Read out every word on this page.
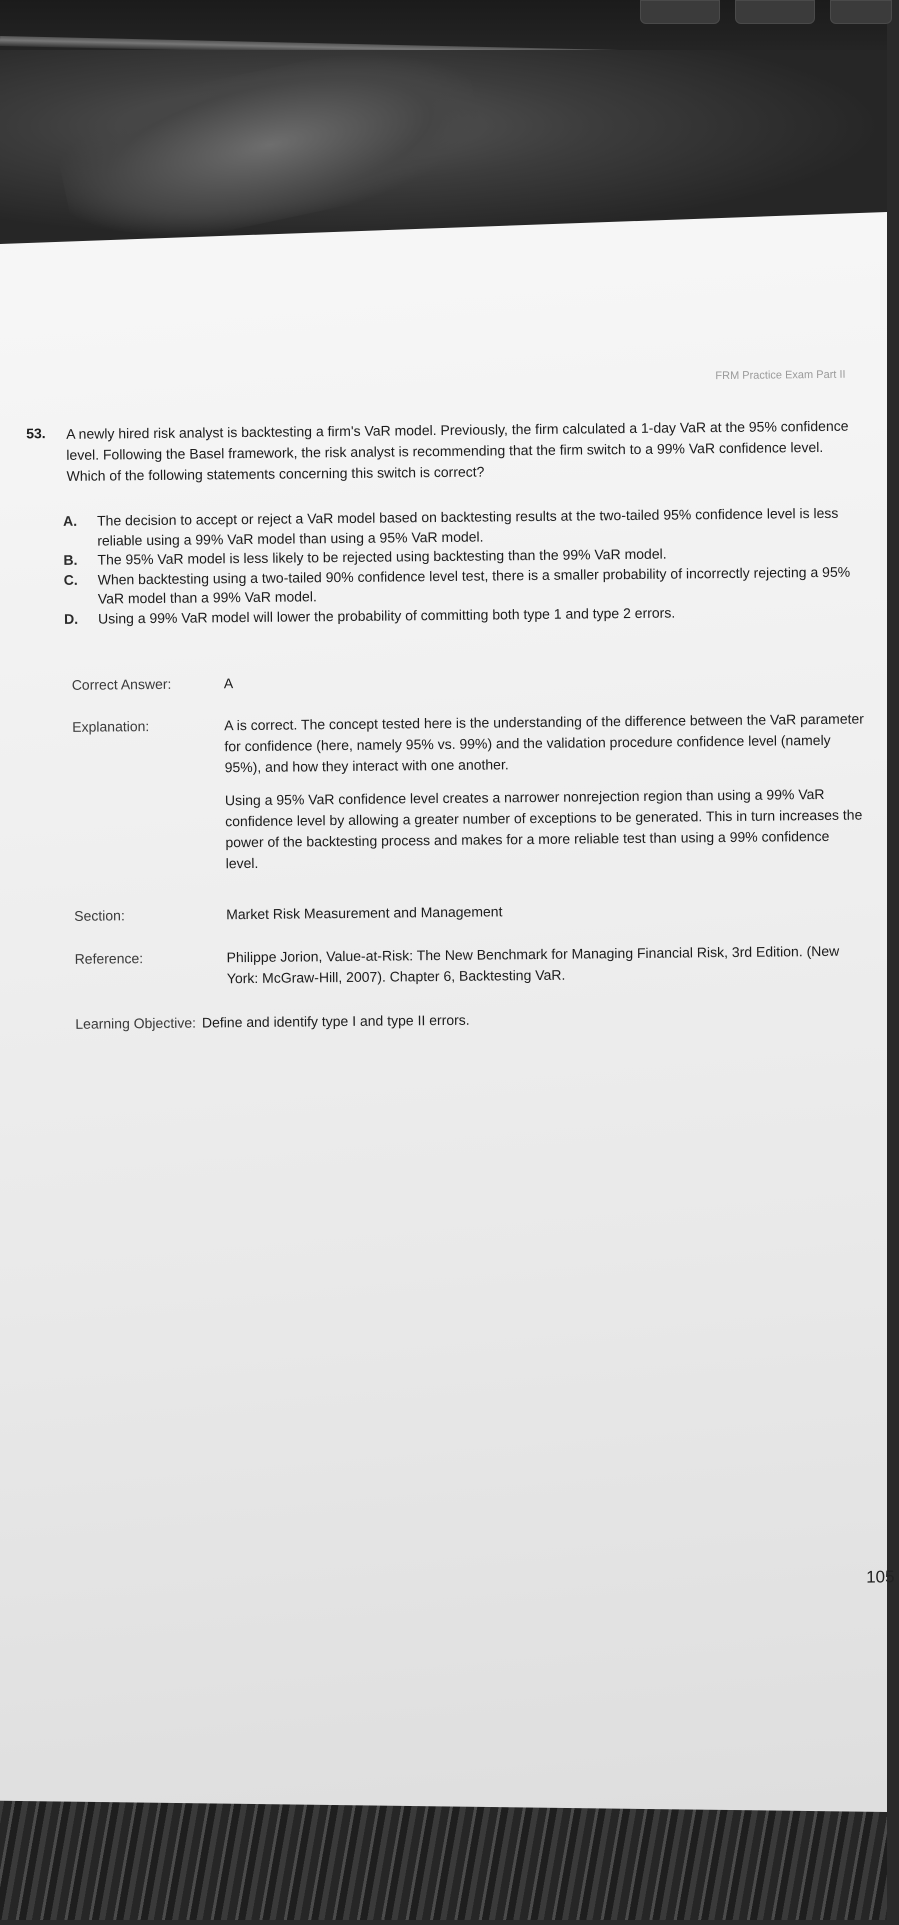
FRM Practice Exam Part II
53. A newly hired risk analyst is backtesting a firm's VaR model. Previously, the firm calculated a 1-day VaR at the 95% confidence level. Following the Basel framework, the risk analyst is recommending that the firm switch to a 99% VaR confidence level. Which of the following statements concerning this switch is correct?
A.	The decision to accept or reject a VaR model based on backtesting results at the two-tailed 95% confidence level is less reliable using a 99% VaR model than using a 95% VaR model.
B.	The 95% VaR model is less likely to be rejected using backtesting than the 99% VaR model.
C.	When backtesting using a two-tailed 90% confidence level test, there is a smaller probability of incorrectly rejecting a 95% VaR model than a 99% VaR model.
D.	Using a 99% VaR model will lower the probability of committing both type 1 and type 2 errors.
Correct Answer:	A
Explanation:	A is correct. The concept tested here is the understanding of the difference between the VaR parameter for confidence (here, namely 95% vs. 99%) and the validation procedure confidence level (namely 95%), and how they interact with one another.

Using a 95% VaR confidence level creates a narrower nonrejection region than using a 99% VaR confidence level by allowing a greater number of exceptions to be generated. This in turn increases the power of the backtesting process and makes for a more reliable test than using a 99% confidence level.

Section:	Market Risk Measurement and Management
Reference:	Philippe Jorion, Value-at-Risk: The New Benchmark for Managing Financial Risk, 3rd Edition. (New York: McGraw-Hill, 2007). Chapter 6, Backtesting VaR.
Learning Objective: Define and identify type I and type II errors.
105
